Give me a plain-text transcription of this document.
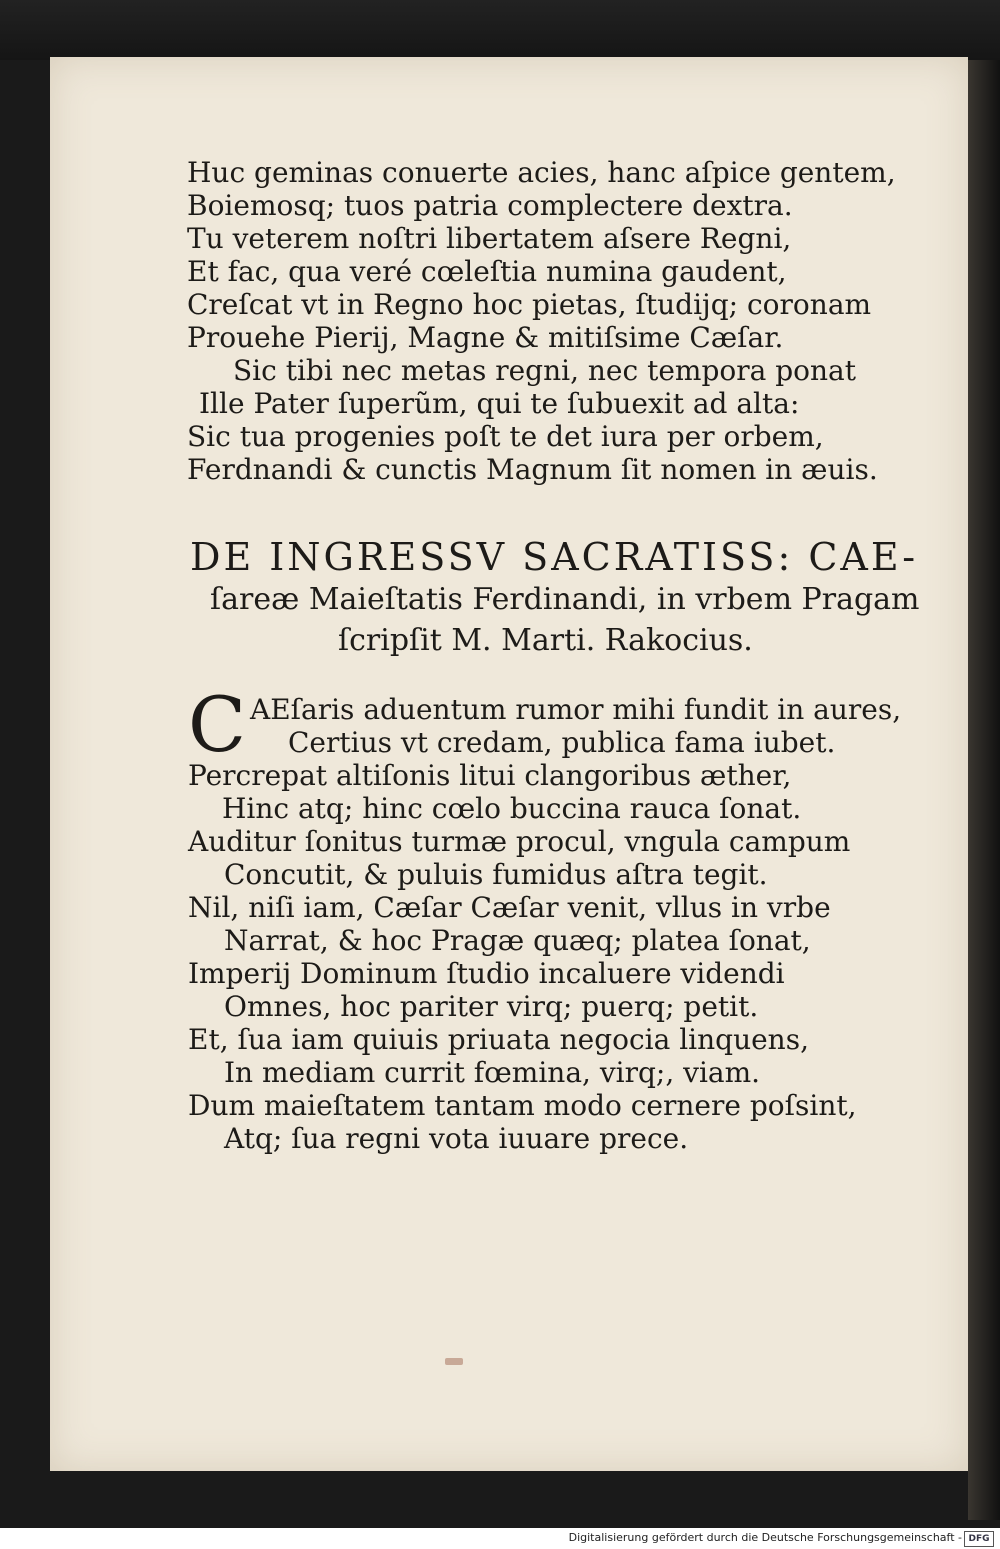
Huc geminas conuerte acies, hanc aſpice gentem,
Boiemosq; tuos patria complectere dextra.
Tu veterem noſtri libertatem aſsere Regni,
Et fac, qua veré cœleſtia numina gaudent,
Creſcat vt in Regno hoc pietas, ſtudijq; coronam
Prouehe Pierij, Magne & mitiſsime Cæſar.
Sic tibi nec metas regni, nec tempora ponat
Ille Pater ſuperũm, qui te ſubuexit ad alta:
Sic tua progenies poſt te det iura per orbem,
Ferdnandi & cunctis Magnum ſit nomen in æuis.
DE INGRESSV SACRATISS: CAE-
ſareæ Maieſtatis Ferdinandi, in vrbem Pragam
ſcripſit M. Marti. Rakocius.
C AEſaris aduentum rumor mihi fundit in aures,
Certius vt credam, publica fama iubet.
Percrepat altiſonis litui clangoribus æther,
Hinc atq; hinc cœlo buccina rauca ſonat.
Auditur ſonitus turmæ procul, vngula campum
Concutit, & puluis fumidus aſtra tegit.
Nil, niſi iam, Cæſar Cæſar venit, vllus in vrbe
Narrat, & hoc Pragæ quæq; platea ſonat,
Imperij Dominum ſtudio incaluere videndi
Omnes, hoc pariter virq; puerq; petit.
Et, ſua iam quiuis priuata negocia linquens,
In mediam currit fœmina, virq;, viam.
Dum maieſtatem tantam modo cernere poſsint,
Atq; ſua regni vota iuuare prece.
Digitalisierung gefördert durch die Deutsche Forschungsgemeinschaft - DFG
